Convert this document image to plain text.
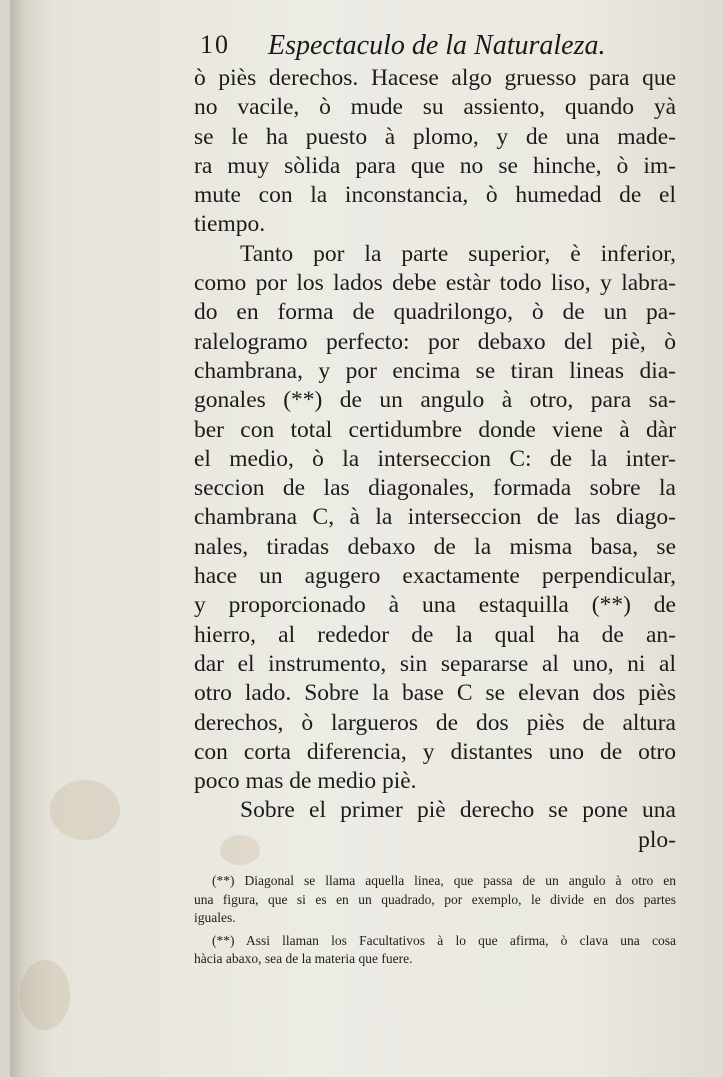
10 Espectaculo de la Naturaleza.
ò piès derechos. Hacese algo gruesso para que
no vacile, ò mude su assiento, quando yà
se le ha puesto à plomo, y de una made-
ra muy sòlida para que no se hinche, ò im-
mute con la inconstancia, ò humedad de el
tiempo.
Tanto por la parte superior, è inferior,
como por los lados debe estàr todo liso, y labra-
do en forma de quadrilongo, ò de un pa-
ralelogramo perfecto: por debaxo del piè, ò
chambrana, y por encima se tiran lineas dia-
gonales (**) de un angulo à otro, para sa-
ber con total certidumbre donde viene à dàr
el medio, ò la interseccion C: de la inter-
seccion de las diagonales, formada sobre la
chambrana C, à la interseccion de las diago-
nales, tiradas debaxo de la misma basa, se
hace un agugero exactamente perpendicular,
y proporcionado à una estaquilla (**) de
hierro, al rededor de la qual ha de an-
dar el instrumento, sin separarse al uno, ni al
otro lado. Sobre la base C se elevan dos piès
derechos, ò largueros de dos piès de altura
con corta diferencia, y distantes uno de otro
poco mas de medio piè.
Sobre el primer piè derecho se pone una
plo-
(**) Diagonal se llama aquella linea, que passa de un angulo à otro en
una figura, que si es en un quadrado, por exemplo, le divide en dos partes
iguales.
(**) Assi llaman los Facultativos à lo que afirma, ò clava una cosa
hàcia abaxo, sea de la materia que fuere.
